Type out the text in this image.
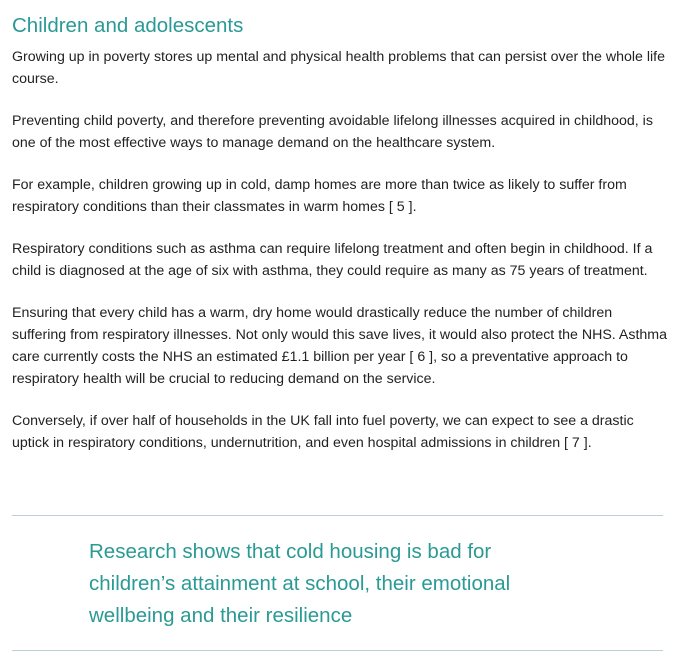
Children and adolescents

Growing up in poverty stores up mental and physical health problems that can persist over the whole life course.

Preventing child poverty, and therefore preventing avoidable lifelong illnesses acquired in childhood, is one of the most effective ways to manage demand on the healthcare system.

For example, children growing up in cold, damp homes are more than twice as likely to suffer from respiratory conditions than their classmates in warm homes [ 5 ].

Respiratory conditions such as asthma can require lifelong treatment and often begin in childhood. If a child is diagnosed at the age of six with asthma, they could require as many as 75 years of treatment.

Ensuring that every child has a warm, dry home would drastically reduce the number of children suffering from respiratory illnesses. Not only would this save lives, it would also protect the NHS. Asthma care currently costs the NHS an estimated £1.1 billion per year [ 6 ], so a preventative approach to respiratory health will be crucial to reducing demand on the service.

Conversely, if over half of households in the UK fall into fuel poverty, we can expect to see a drastic uptick in respiratory conditions, undernutrition, and even hospital admissions in children [ 7 ].

Research shows that cold housing is bad for children’s attainment at school, their emotional wellbeing and their resilience
